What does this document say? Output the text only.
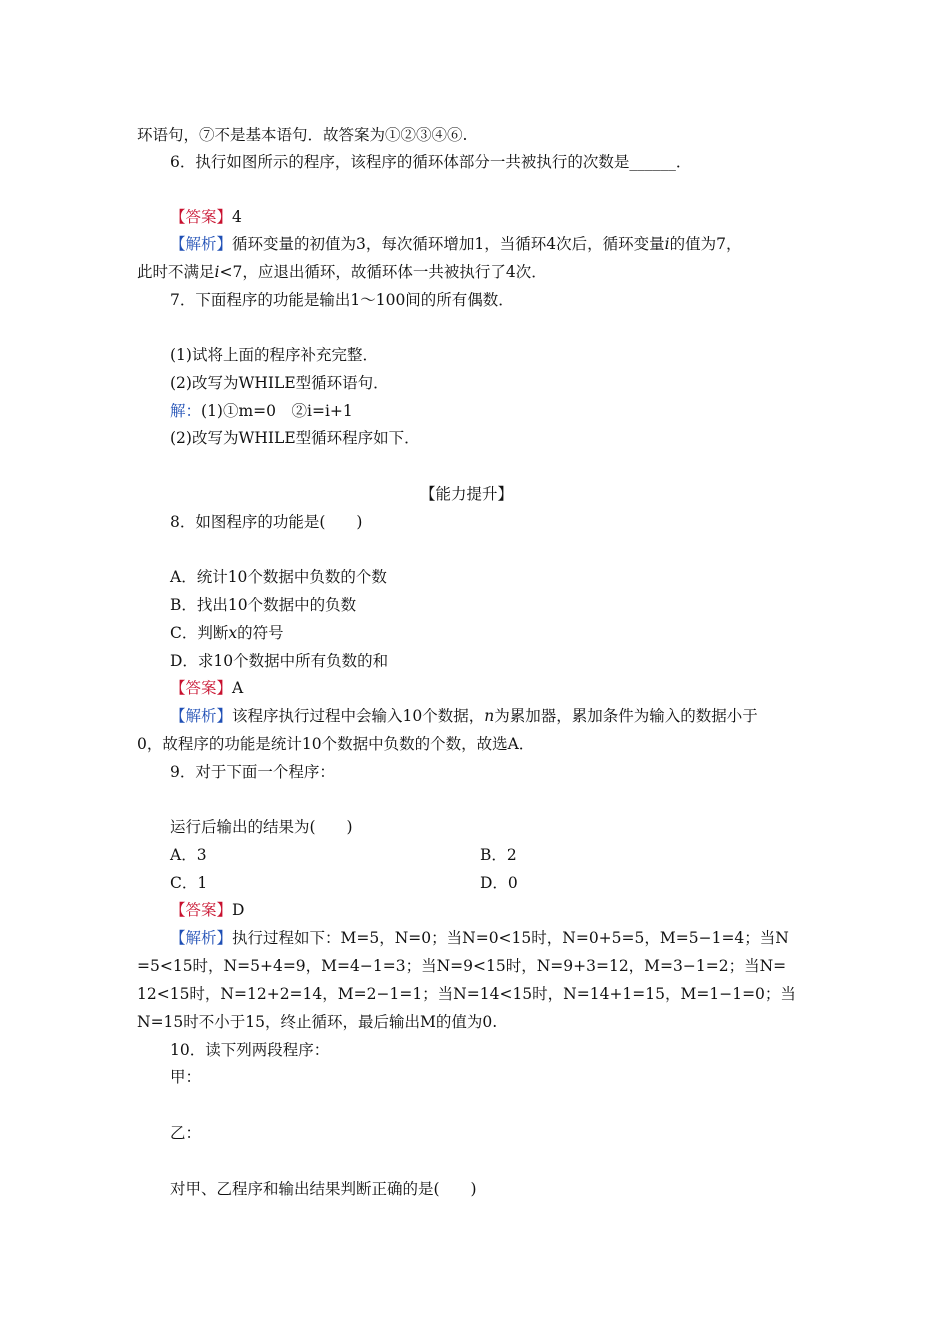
环语句，⑦不是基本语句．故答案为①②③④⑥.
6．执行如图所示的程序，该程序的循环体部分一共被执行的次数是______．
【答案】4
【解析】循环变量的初值为3，每次循环增加1，当循环4次后，循环变量i的值为7，
此时不满足i<7，应退出循环，故循环体一共被执行了4次．
7．下面程序的功能是输出1～100间的所有偶数．
(1)试将上面的程序补充完整．
(2)改写为WHILE型循环语句．
解：(1)①m=0　②i=i+1
(2)改写为WHILE型循环程序如下．
【能力提升】
8．如图程序的功能是(　　)
A．统计10个数据中负数的个数
B．找出10个数据中的负数
C．判断x的符号
D．求10个数据中所有负数的和
【答案】A
【解析】该程序执行过程中会输入10个数据，n为累加器，累加条件为输入的数据小于
0，故程序的功能是统计10个数据中负数的个数，故选A．
9．对于下面一个程序：
运行后输出的结果为(　　)
A．3	B．2
C．1	D．0
【答案】D
【解析】执行过程如下：M=5，N=0；当N=0<15时，N=0+5=5，M=5−1=4；当N
=5<15时，N=5+4=9，M=4−1=3；当N=9<15时，N=9+3=12，M=3−1=2；当N=
12<15时，N=12+2=14，M=2−1=1；当N=14<15时，N=14+1=15，M=1−1=0；当
N=15时不小于15，终止循环，最后输出M的值为0.
10．读下列两段程序：
甲：
乙：
对甲、乙程序和输出结果判断正确的是(　　)
